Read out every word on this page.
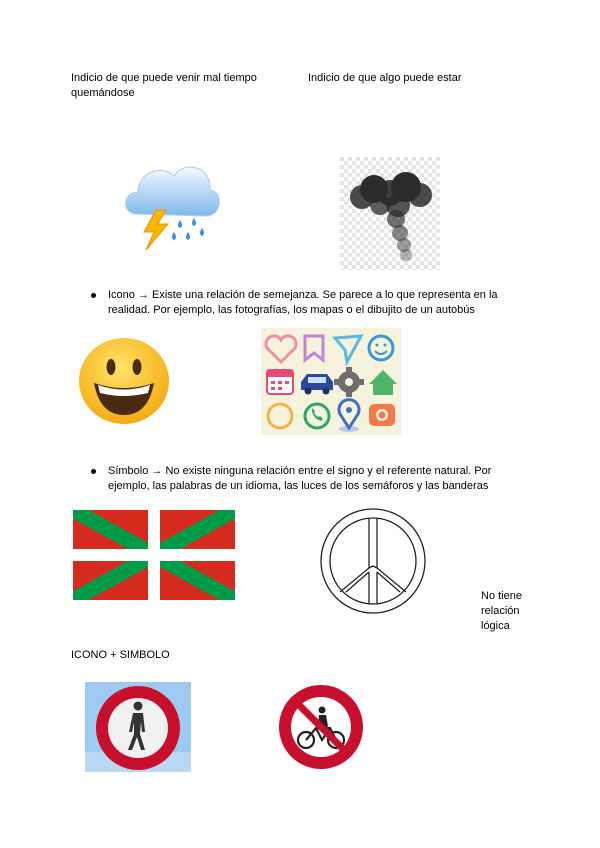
Indicio de que puede venir mal tiempo
quemándose
Indicio de que algo puede estar
Icono → Existe una relación de semejanza. Se parece a lo que representa en la
realidad. Por ejemplo, las fotografías, los mapas o el dibujito de un autobús
Símbolo → No existe ninguna relación entre el signo y el referente natural. Por
ejemplo, las palabras de un idioma, las luces de los semáforos y las banderas
No tiene
relación
lógica
ICONO + SIMBOLO
